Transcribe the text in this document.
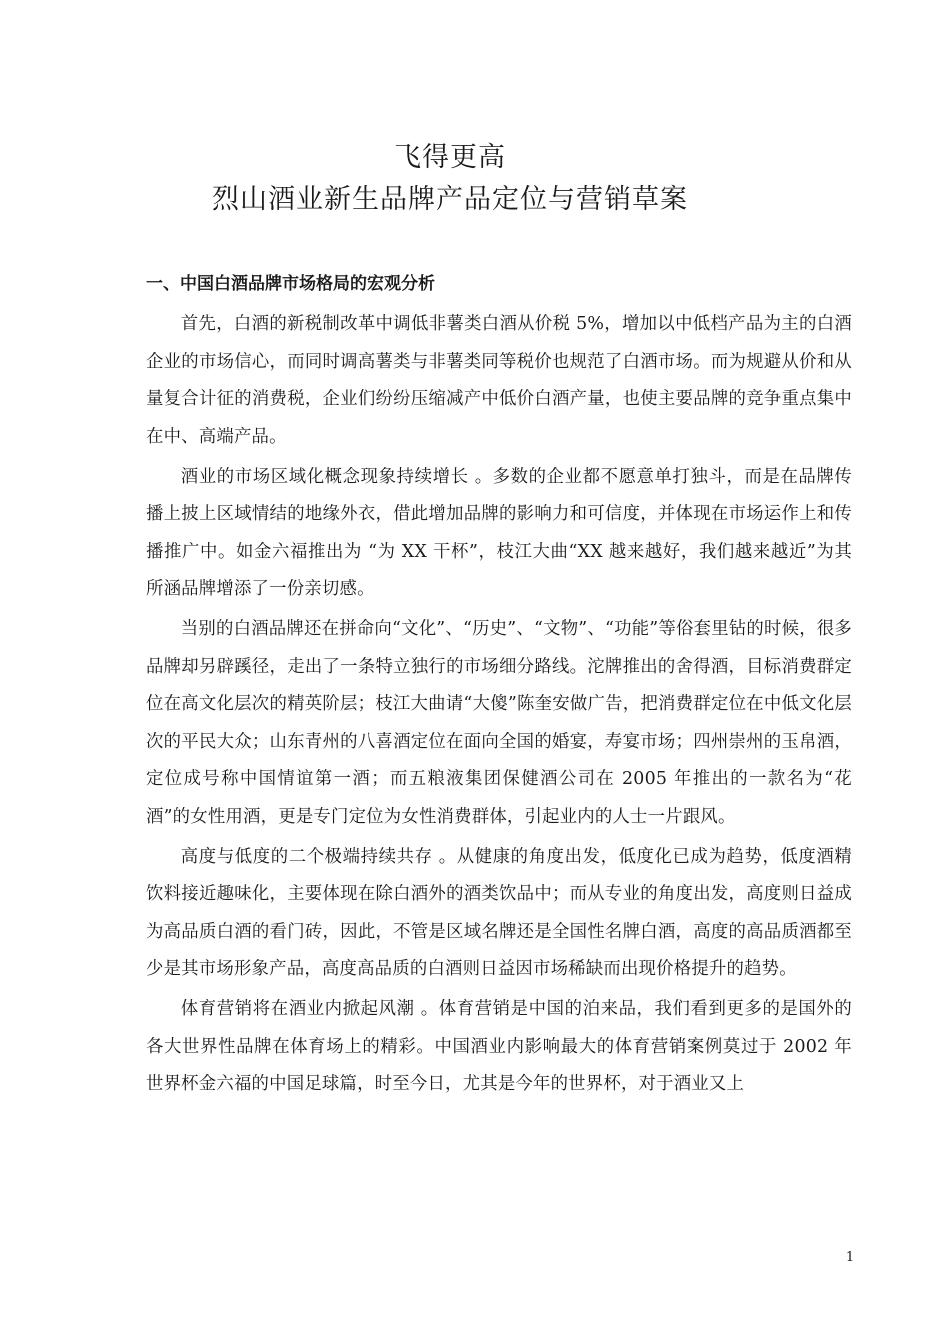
飞得更高
烈山酒业新生品牌产品定位与营销草案
一、中国白酒品牌市场格局的宏观分析

首先，白酒的新税制改革中调低非薯类白酒从价税 5%，增加以中低档产品为主的白酒企业的市场信心，而同时调高薯类与非薯类同等税价也规范了白酒市场。而为规避从价和从量复合计征的消费税，企业们纷纷压缩减产中低价白酒产量，也使主要品牌的竞争重点集中在中、高端产品。

酒业的市场区域化概念现象持续增长 。多数的企业都不愿意单打独斗，而是在品牌传播上披上区域情结的地缘外衣，借此增加品牌的影响力和可信度，并体现在市场运作上和传 播推广中。如金六福推出为 “为 XX 干杯”，枝江大曲“XX 越来越好，我们越来越近”为其所涵品牌增添了一份亲切感。

当别的白酒品牌还在拼命向“文化”、“历史”、“文物”、“功能”等俗套里钻的时候，很多品牌却另辟蹊径，走出了一条特立独行的市场细分路线。沱牌推出的舍得酒，目标消费群定位在高文化层次的精英阶层；枝江大曲请“大傻”陈奎安做广告，把消费群定位在中低文化层次的平民大众；山东青州的八喜酒定位在面向全国的婚宴，寿宴市场；四州崇州的玉帛酒，定位成号称中国情谊第一酒；而五粮液集团保健酒公司在 2005 年推出的一款名为“花酒”的女性用酒，更是专门定位为女性消费群体，引起业内的人士一片跟风。

高度与低度的二个极端持续共存 。从健康的角度出发，低度化已成为趋势，低度酒精饮料接近趣味化，主要体现在除白酒外的酒类饮品中；而从专业的角度出发，高度则日益成为高品质白酒的看门砖，因此，不管是区域名牌还是全国性名牌白酒，高度的高品质酒都至少是其市场形象产品，高度高品质的白酒则日益因市场稀缺而出现价格提升的趋势。

体育营销将在酒业内掀起风潮 。体育营销是中国的泊来品，我们看到更多的是国外的各大世界性品牌在体育场上的精彩。中国酒业内影响最大的体育营销案例莫过于 2002 年世界杯金六福的中国足球篇，时至今日，尤其是今年的世界杯，对于酒业又上

1
